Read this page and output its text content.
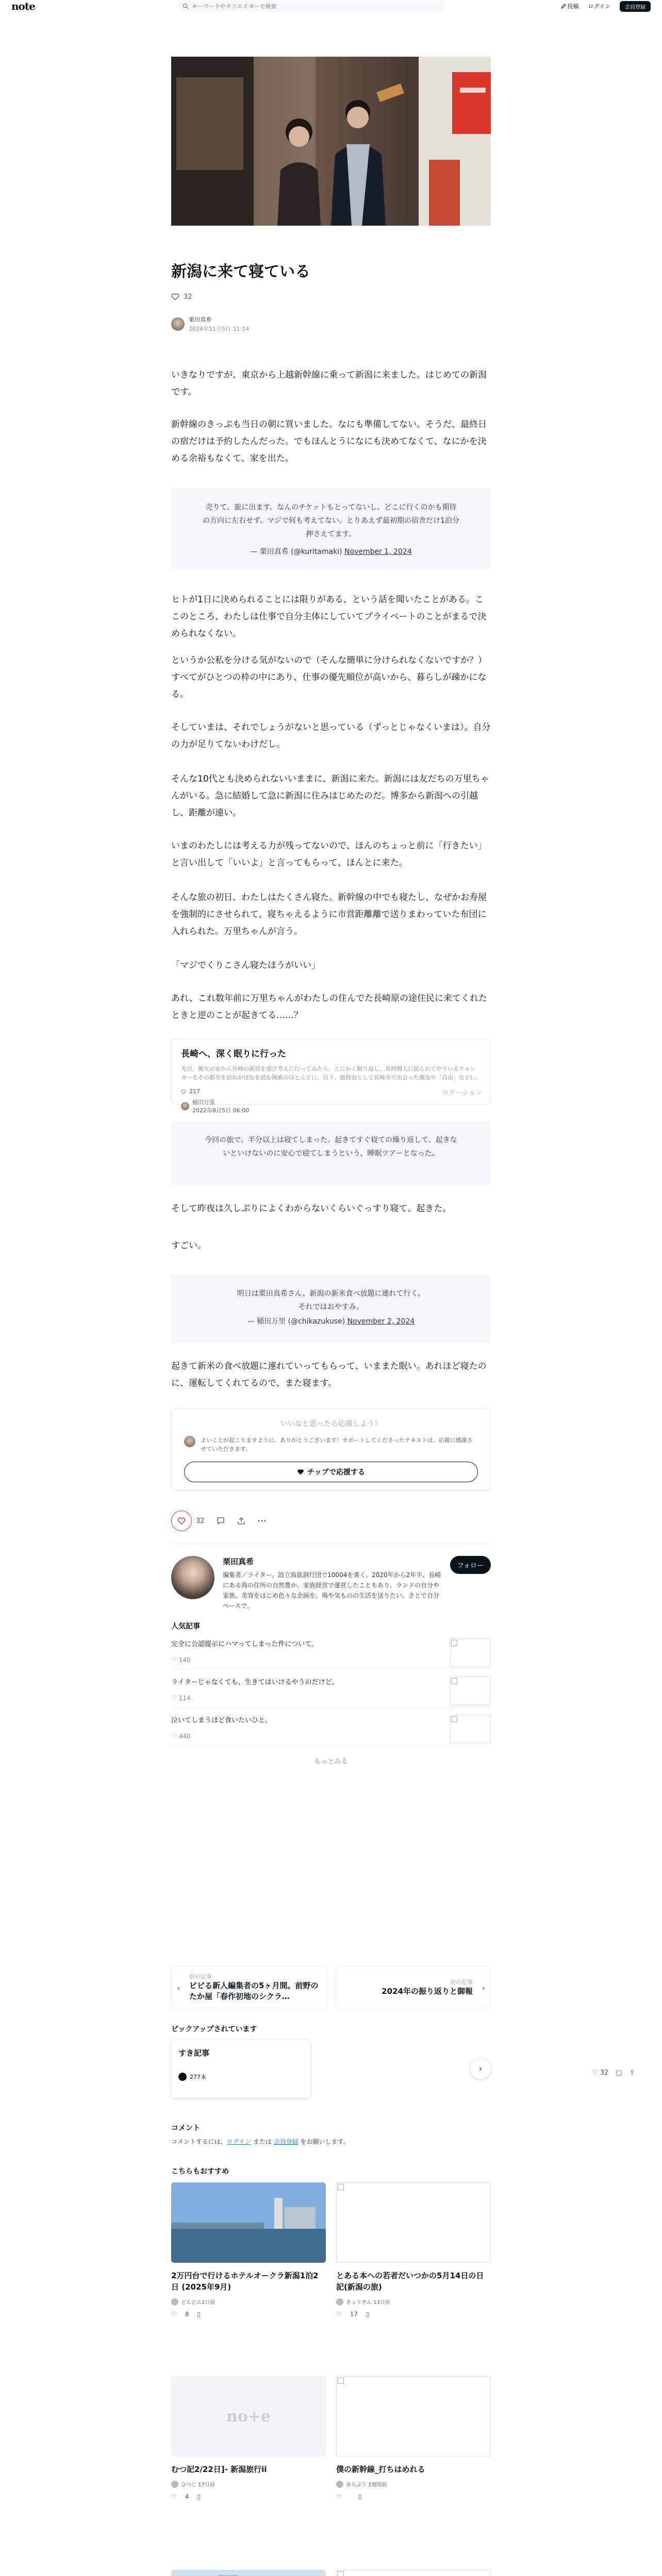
note
キーワードやクリエイターで検索	投稿 ログイン	会員登録
新潟に来て寝ている
32
栗田真希
2024年11月5日 11:14

いきなりですが、東京から上越新幹線に乗って新潟に来ました。はじめての新潟です。

新幹線のきっぷも当日の朝に買いました。なにも準備してない。そうだ、最終日の宿だけは予約したんだった。でもほんとうになにも決めてなくて、なにかを決める余裕もなくて、家を出た。

売りて、旅に出ます。なんのチケットもとってないし、どこに行くのかも期待の方向に左右せず。マジで何も考えてない。とりあえず最初期の宿舎だけ1泊分押さえてます。
— 栗田真希 (@kuritamaki) November 1, 2024

ヒトが1日に決められることには限りがある、という話を聞いたことがある。ここのところ、わたしは仕事で自分主体にしていてプライベートのことがまるで決められなくない。

というか公私を分ける気がないので（そんな簡単に分けられなくないですか？）すべてがひとつの枠の中にあり、仕事の優先順位が高いから、暮らしが疎かになる。

そしていまは、それでしょうがないと思っている（ずっとじゃなくいまは）。自分の力が足りてないわけだし。

そんな10代とも決められないいままに、新潟に来た。新潟には友だちの万里ちゃんがいる。急に結婚して急に新潟に住みはじめたのだ。博多から新潟への引越し、距離が遠い。

いまのわたしには考える力が残ってないので、ほんのちょっと前に「行きたい」と言い出して「いいよ」と言ってもらって、ほんとに来た。

そんな旅の初日、わたしはたくさん寝た。新幹線の中でも寝たし、なぜかお寿屋を強制的にさせられて、寝ちゃえるように市営距離離で送りまわっていた布団に入れられた。万里ちゃんが言う。

「マジでくりこさん寝たほうがいい」

あれ、これ数年前に万里ちゃんがわたしの住んでた長崎原の途住民に来てくれたときと逆のことが起きてる……？

長崎へ、深く眠りに行った
先日、親友の家から長崎の新居を遊び考えに行ってみたら、とにかく眠り返し、長時間人に揺られてやりいるチャンカーをその都市を訪ねがばなを読む探索のほとんどに。以下、旅程表として長崎市で出会った親友や「自由」など(…
217
稲田万里
2022年8月5日 06:00
ロケーション
今回の旅で、半分以上は寝てしまった。起きてすぐ寝ての繰り返して、起きないといけないのに安心で寝てしまうという、睡眠ツアーとなった。

そして昨夜は久しぶりによくわからないくらいぐっすり寝て、起きた。

すごい。

明日は栗田真希さん、新潟の新米食べ放題に連れて行く。
それではおやすみ。
— 稲田万里 (@chikazukuse) November 2, 2024

起きて新米の食べ放題に連れていってもらって、いままた眠い。あれほど寝たのに、運転してくれてるので、また寝ます。

いいなと思ったら応援しよう！
よいことが起こりますように、ありがとうございます！サポートしてくださったテキストは、応援に感謝させていただきます。
チップで応援する
32
栗田真希
編集者／ライター。設立海底洞行団で10004を書く。2020年から2年半、長崎にある海の住所の自然豊か、家族経営で運営したこともあり、ランドの自分や家族。美容をはじめ色々な企画を、場や気ものの生活を送りたい。さとで自分ペースで。
フォロー
人気記事
完全に公認提示にハマってしまった件について。
♡ 140
ライターじゃなくても、生きてはいけるやうのだけど。
♡ 114
泣いてしまうほど食いたいひと。
♡ 440
もっとみる
‹
前の記事
ビビる新人編集者の5ヶ月間。前野のたか屋「春作初地のシクラ…
›
次の記事
2024年の振り返りと御報
ピックアップされています
すき記事
277本
›
コメント
コメントするには、ログイン または 会員登録 をお願いします。
こちらもおすすめ
2万円台で行けるホテルオークラ新潟1泊2日 (2025年9月)
どんどん1日前
♡ 8 ▯
とある本への若者だいつかの5月14日の日記(新潟の旅)
きょうさん 13日前
♡ 17 ▯
no+e
むつ記2/22日]- 新潟旅行ii
ひつじ 17日前
♡ 4 ▯
僕の新幹線_打ちはめれる
あらぷう 2週間前
♡	▯
♡ 32 ▢ ⇪
